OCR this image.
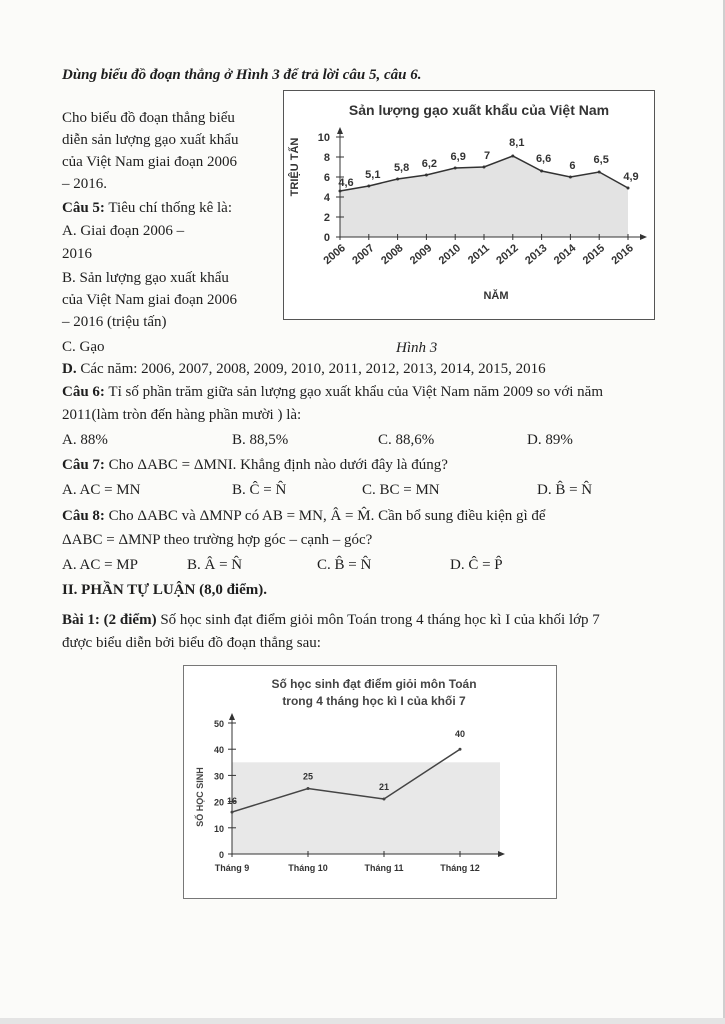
Dùng biểu đồ đoạn thẳng ở Hình 3 để trả lời câu 5, câu 6.
Cho biểu đồ đoạn thẳng biểu
diễn sản lượng gạo xuất khẩu
của Việt Nam giai đoạn 2006
– 2016.
Câu 5: Tiêu chí thống kê là:
A. Giai đoạn 2006 –
2016
B. Sản lượng gạo xuất khẩu
của Việt Nam giai đoạn 2006
– 2016 (triệu tấn)
C. Gạo
D. Các năm: 2006, 2007, 2008, 2009, 2010, 2011, 2012, 2013, 2014, 2015, 2016
Hình 3
Sản lượng gạo xuất khẩu của Việt Nam
TRIỆU TẤN
NĂM
0
2
4
6
8
10
2006 2007 2008 2009 2010 2011 2012 2013 2014 2015 2016
4,6
5,1
5,8 6,2
6,9 7
8,1
6,6
6 6,5
4,9
Câu 6: Tỉ số phần trăm giữa sản lượng gạo xuất khẩu của Việt Nam năm 2009 so với năm
2011(làm tròn đến hàng phần mười ) là:
A. 88%	B. 88,5%	C. 88,6%	D. 89%
Câu 7: Cho ΔABC = ΔMNI. Khẳng định nào dưới đây là đúng?
A. AC = MN	B. Ĉ = N̂	C. BC = MN	D. B̂ = N̂
Câu 8: Cho ΔABC và ΔMNP có AB = MN, Â = M̂. Cần bổ sung điều kiện gì để
ΔABC = ΔMNP theo trường hợp góc – cạnh – góc?
A. AC = MP	B. Â = N̂	C. B̂ = N̂	D. Ĉ = P̂
II. PHẦN TỰ LUẬN (8,0 điểm).
Bài 1: (2 điểm) Số học sinh đạt điểm giỏi môn Toán trong 4 tháng học kì I của khối lớp 7
được biểu diễn bởi biểu đồ đoạn thẳng sau:
Số học sinh đạt điểm giỏi môn Toán
trong 4 tháng học kì I của khối 7
SỐ HỌC SINH
0
10
20
30
40
50
Tháng 9	Tháng 10	Tháng 11	Tháng 12
16
25
21
40
